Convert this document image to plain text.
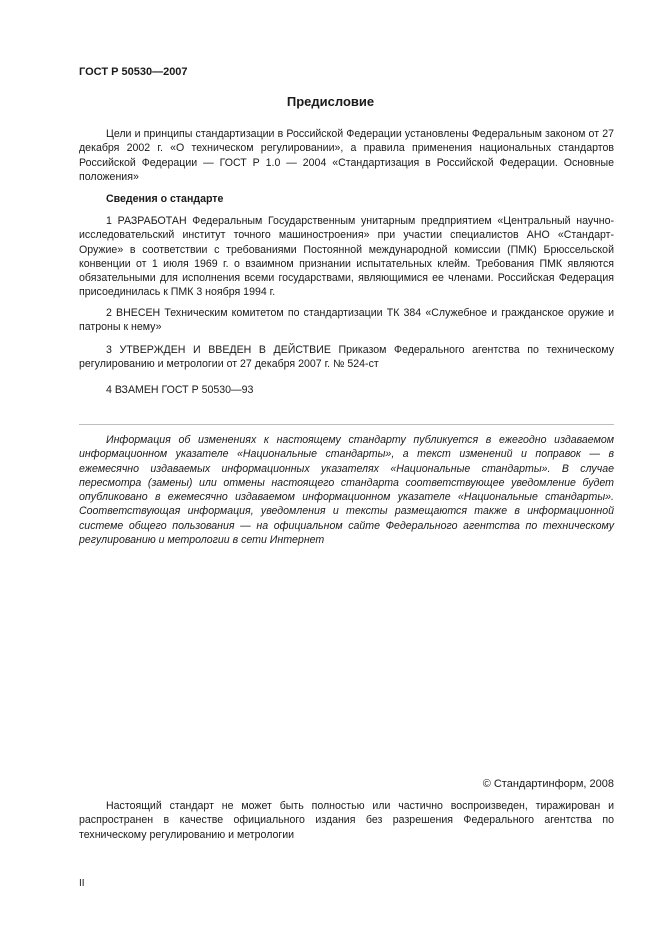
ГОСТ Р 50530—2007
Предисловие

Цели и принципы стандартизации в Российской Федерации установлены Федеральным законом от 27 декабря 2002 г. «О техническом регулировании», а правила применения национальных стандартов Российской Федерации — ГОСТ Р 1.0 — 2004 «Стандартизация в Российской Федерации. Основные положения»

Сведения о стандарте

1 РАЗРАБОТАН Федеральным Государственным унитарным предприятием «Центральный научно-исследовательский институт точного машиностроения» при участии специалистов АНО «Стандарт-Оружие» в соответствии с требованиями Постоянной международной комиссии (ПМК) Брюссельской конвенции от 1 июля 1969 г. о взаимном признании испытательных клейм. Требования ПМК являются обязательными для исполнения всеми государствами, являющимися ее членами. Российская Федерация присоединилась к ПМК 3 ноября 1994 г.

2 ВНЕСЕН Техническим комитетом по стандартизации ТК 384 «Служебное и гражданское оружие и патроны к нему»

3 УТВЕРЖДЕН И ВВЕДЕН В ДЕЙСТВИЕ Приказом Федерального агентства по техническому регулированию и метрологии от 27 декабря 2007 г. № 524-ст

4 ВЗАМЕН ГОСТ Р 50530—93

Информация об изменениях к настоящему стандарту публикуется в ежегодно издаваемом информационном указателе «Национальные стандарты», а текст изменений и поправок — в ежемесячно издаваемых информационных указателях «Национальные стандарты». В случае пересмотра (замены) или отмены настоящего стандарта соответствующее уведомление будет опубликовано в ежемесячно издаваемом информационном указателе «Национальные стандарты». Соответствующая информация, уведомления и тексты размещаются также в информационной системе общего пользования — на официальном сайте Федерального агентства по техническому регулированию и метрологии в сети Интернет

© Стандартинформ, 2008

Настоящий стандарт не может быть полностью или частично воспроизведен, тиражирован и распространен в качестве официального издания без разрешения Федерального агентства по техническому регулированию и метрологии

II
